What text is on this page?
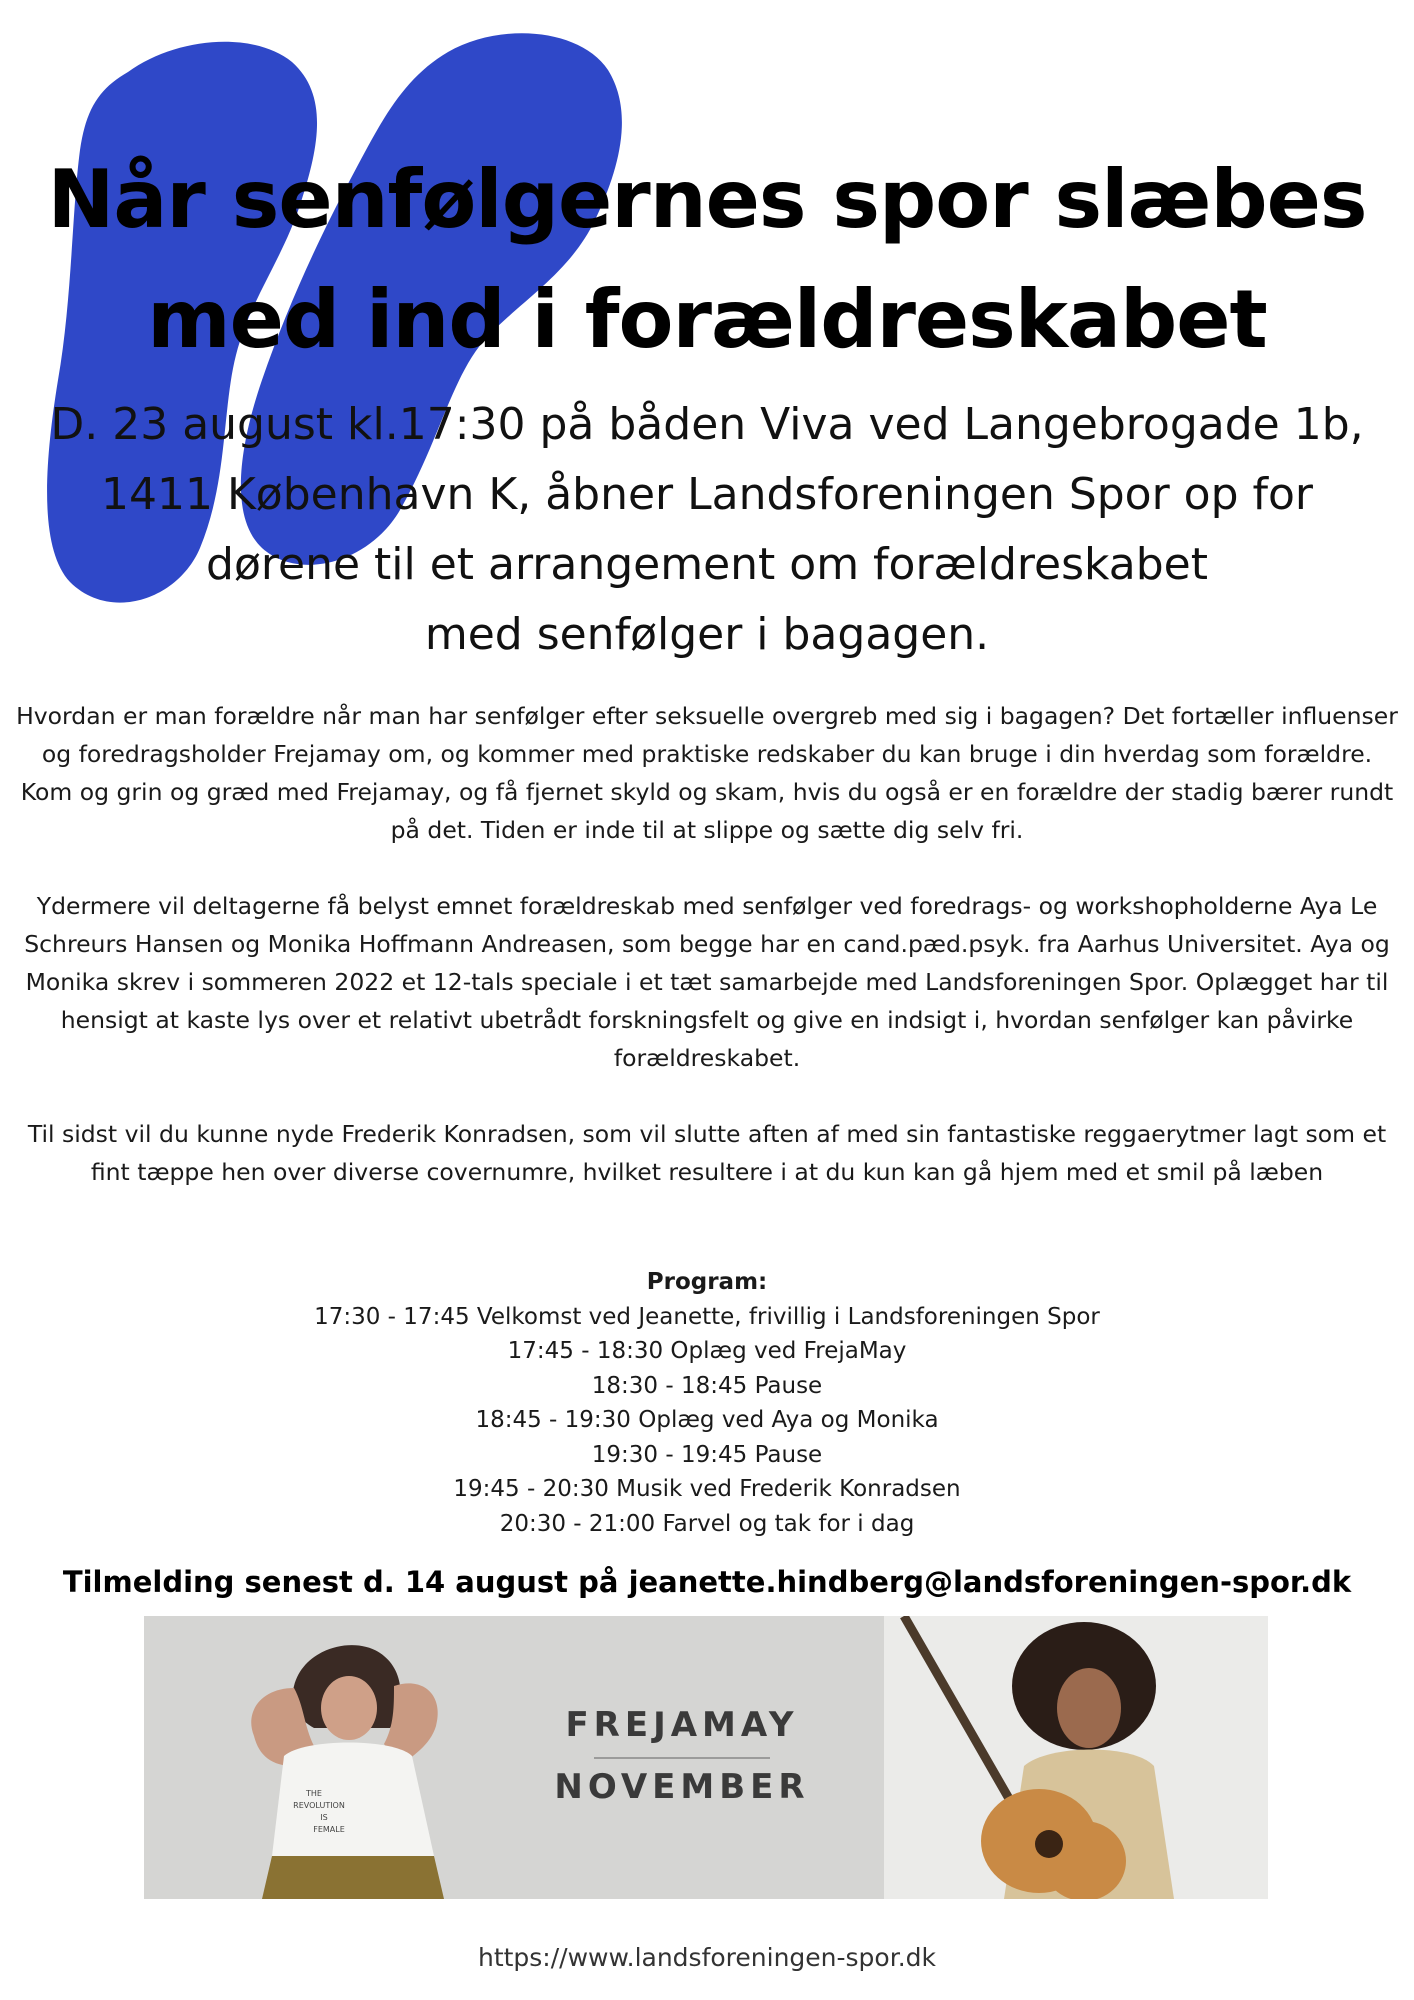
Når senfølgernes spor slæbes
med ind i forældreskabet
D. 23 august kl.17:30 på båden Viva ved Langebrogade 1b,
1411 København K, åbner Landsforeningen Spor op for
dørene til et arrangement om forældreskabet
med senfølger i bagagen.

Hvordan er man forældre når man har senfølger efter seksuelle overgreb med sig i bagagen? Det fortæller influenser og foredragsholder Frejamay om, og kommer med praktiske redskaber du kan bruge i din hverdag som forældre. Kom og grin og græd med Frejamay, og få fjernet skyld og skam, hvis du også er en forældre der stadig bærer rundt på det. Tiden er inde til at slippe og sætte dig selv fri.

Ydermere vil deltagerne få belyst emnet forældreskab med senfølger ved foredrags- og workshopholderne Aya Le Schreurs Hansen og Monika Hoffmann Andreasen, som begge har en cand.pæd.psyk. fra Aarhus Universitet. Aya og Monika skrev i sommeren 2022 et 12-tals speciale i et tæt samarbejde med Landsforeningen Spor. Oplægget har til hensigt at kaste lys over et relativt ubetrådt forskningsfelt og give en indsigt i, hvordan senfølger kan påvirke forældreskabet.

Til sidst vil du kunne nyde Frederik Konradsen, som vil slutte aften af med sin fantastiske reggaerytmer lagt som et fint tæppe hen over diverse covernumre, hvilket resultere i at du kun kan gå hjem med et smil på læben

Program:
17:30 - 17:45 Velkomst ved Jeanette, frivillig i Landsforeningen Spor
17:45 - 18:30 Oplæg ved FrejaMay
18:30 - 18:45 Pause
18:45 - 19:30 Oplæg ved Aya og Monika
19:30 - 19:45 Pause
19:45 - 20:30 Musik ved Frederik Konradsen
20:30 - 21:00 Farvel og tak for i dag

Tilmelding senest d. 14 august på jeanette.hindberg@landsforeningen-spor.dk

THE
REVOLUTION
IS
FEMALE
FREJAMAY
NOVEMBER
https://www.landsforeningen-spor.dk
